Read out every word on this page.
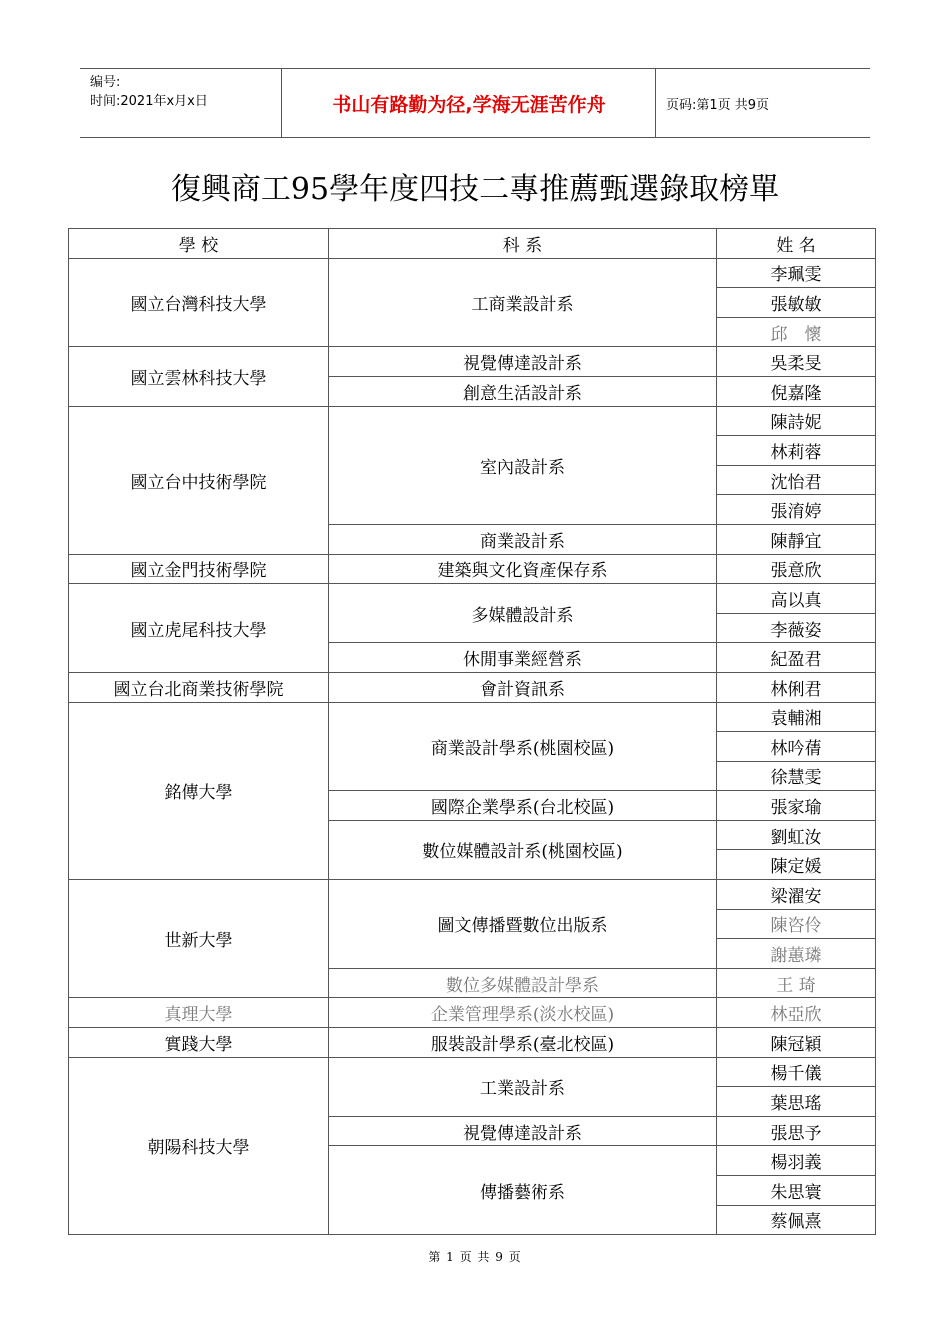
编号:
时间:2021年x月x日	书山有路勤为径,学海无涯苦作舟	页码:第1页 共9页
復興商工95學年度四技二專推薦甄選錄取榜單
學 校	科 系	姓 名
國立台灣科技大學	工商業設計系	李珮雯
		張敏敏
		邱　懷
國立雲林科技大學	視覺傳達設計系	吳柔旻
	創意生活設計系	倪嘉隆
國立台中技術學院	室內設計系	陳詩妮
		林莉蓉
		沈怡君
		張淯婷
	商業設計系	陳靜宜
國立金門技術學院	建築與文化資產保存系	張意欣
國立虎尾科技大學	多媒體設計系	高以真
		李薇姿
	休閒事業經營系	紀盈君
國立台北商業技術學院	會計資訊系	林俐君
銘傳大學	商業設計學系(桃園校區)	袁輔湘
		林吟蒨
		徐慧雯
	國際企業學系(台北校區)	張家瑜
	數位媒體設計系(桃園校區)	劉虹汝
		陳定媛
世新大學	圖文傳播暨數位出版系	梁濯安
		陳咨伶
		謝蕙璘
	數位多媒體設計學系	王 琦
真理大學	企業管理學系(淡水校區)	林亞欣
實踐大學	服裝設計學系(臺北校區)	陳冠穎
朝陽科技大學	工業設計系	楊千儀
		葉思瑤
	視覺傳達設計系	張思予
	傳播藝術系	楊羽義
		朱思寰
		蔡佩熹
第 1 页 共 9 页
